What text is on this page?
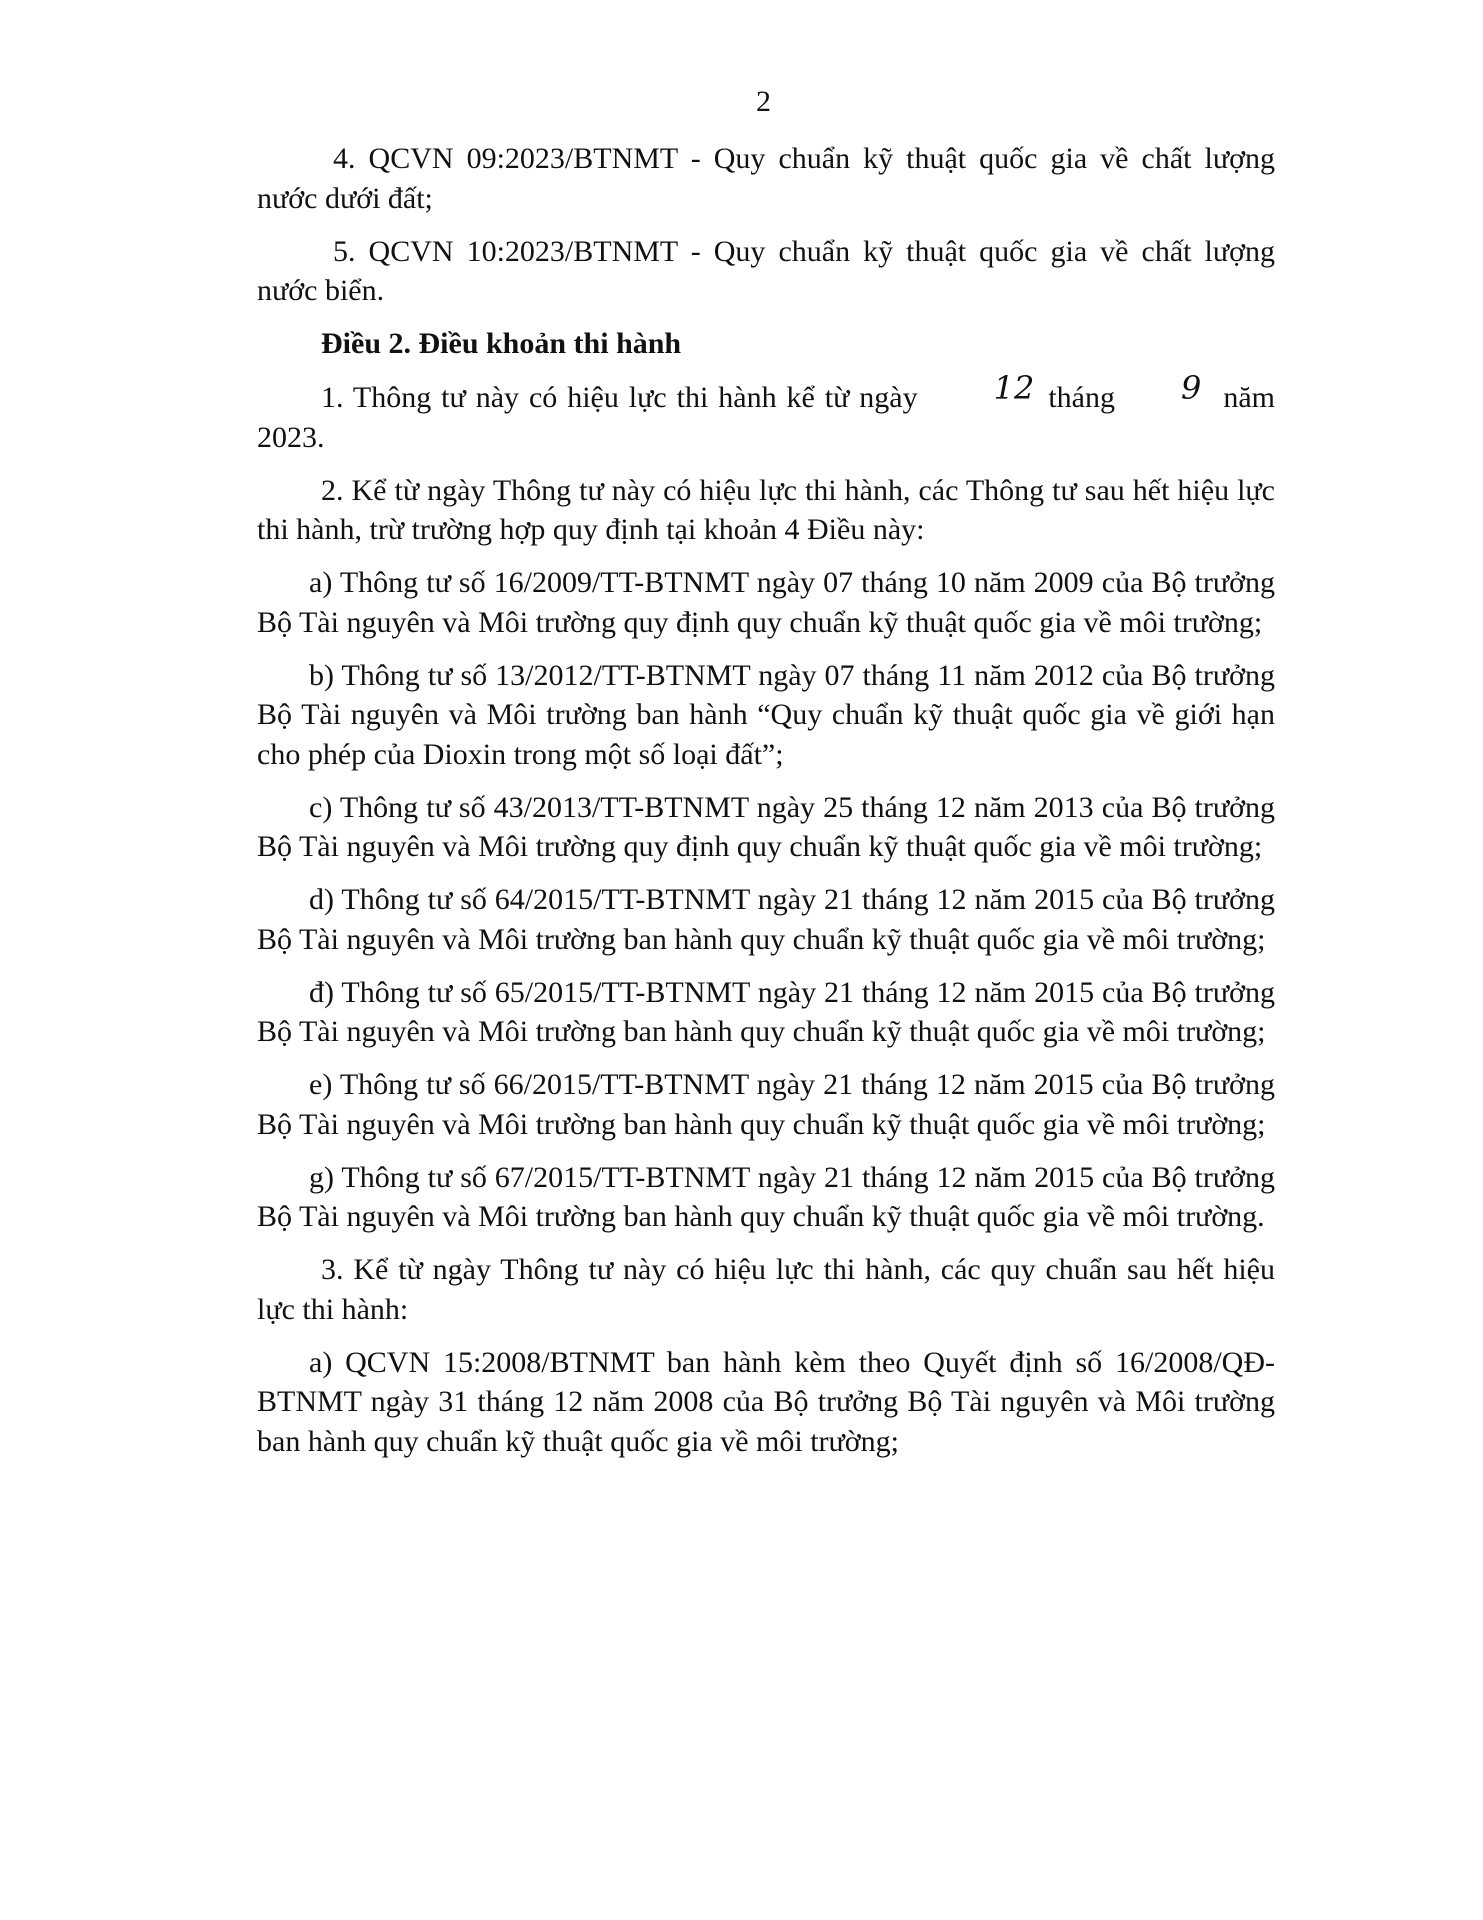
2

4. QCVN 09:2023/BTNMT - Quy chuẩn kỹ thuật quốc gia về chất lượng nước dưới đất;

5. QCVN 10:2023/BTNMT - Quy chuẩn kỹ thuật quốc gia về chất lượng nước biển.

Điều 2. Điều khoản thi hành

1. Thông tư này có hiệu lực thi hành kể từ ngày 12 tháng 9 năm 2023.

2. Kể từ ngày Thông tư này có hiệu lực thi hành, các Thông tư sau hết hiệu lực thi hành, trừ trường hợp quy định tại khoản 4 Điều này:

a) Thông tư số 16/2009/TT-BTNMT ngày 07 tháng 10 năm 2009 của Bộ trưởng Bộ Tài nguyên và Môi trường quy định quy chuẩn kỹ thuật quốc gia về môi trường;

b) Thông tư số 13/2012/TT-BTNMT ngày 07 tháng 11 năm 2012 của Bộ trưởng Bộ Tài nguyên và Môi trường ban hành “Quy chuẩn kỹ thuật quốc gia về giới hạn cho phép của Dioxin trong một số loại đất”;

c) Thông tư số 43/2013/TT-BTNMT ngày 25 tháng 12 năm 2013 của Bộ trưởng Bộ Tài nguyên và Môi trường quy định quy chuẩn kỹ thuật quốc gia về môi trường;

d) Thông tư số 64/2015/TT-BTNMT ngày 21 tháng 12 năm 2015 của Bộ trưởng Bộ Tài nguyên và Môi trường ban hành quy chuẩn kỹ thuật quốc gia về môi trường;

đ) Thông tư số 65/2015/TT-BTNMT ngày 21 tháng 12 năm 2015 của Bộ trưởng Bộ Tài nguyên và Môi trường ban hành quy chuẩn kỹ thuật quốc gia về môi trường;

e) Thông tư số 66/2015/TT-BTNMT ngày 21 tháng 12 năm 2015 của Bộ trưởng Bộ Tài nguyên và Môi trường ban hành quy chuẩn kỹ thuật quốc gia về môi trường;

g) Thông tư số 67/2015/TT-BTNMT ngày 21 tháng 12 năm 2015 của Bộ trưởng Bộ Tài nguyên và Môi trường ban hành quy chuẩn kỹ thuật quốc gia về môi trường.

3. Kể từ ngày Thông tư này có hiệu lực thi hành, các quy chuẩn sau hết hiệu lực thi hành:

a) QCVN 15:2008/BTNMT ban hành kèm theo Quyết định số 16/2008/QĐ-BTNMT ngày 31 tháng 12 năm 2008 của Bộ trưởng Bộ Tài nguyên và Môi trường ban hành quy chuẩn kỹ thuật quốc gia về môi trường;
